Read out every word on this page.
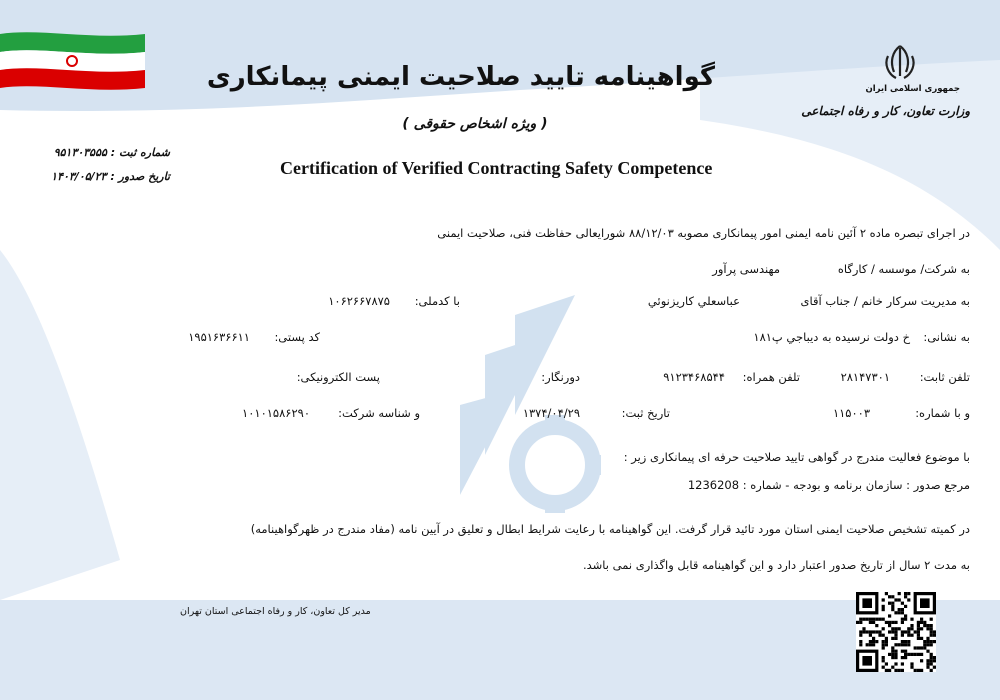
جمهوری اسلامی ایران
وزارت تعاون، کار و رفاه اجتماعی
گواهینامه تایید صلاحیت ایمنی پیمانکاری
( ویژه اشخاص حقوقی )
Certification of Verified Contracting Safety Competence
شماره ثبت : ۹۵۱۳۰۳۵۵۵
تاریخ صدور : ۱۴۰۳/۰۵/۲۳
در اجرای تبصره ماده ۲ آئین نامه ایمنی امور پیمانکاری مصوبه ۸۸/۱۲/۰۳ شورایعالی حفاظت فنی، صلاحیت ایمنی
به شرکت/ موسسه / کارگاه
مهندسی پرآور
به مدیریت سرکار خانم / جناب آقای
عباسعلي كاريزنوئي
با کدملی:
۱۰۶۲۶۶۷۸۷۵
به نشانی:
خ دولت نرسيده به ديباجي پ۱۸۱
کد پستی:
۱۹۵۱۶۳۶۶۱۱
تلفن ثابت:
۲۸۱۴۷۳۰۱
تلفن همراه:
۹۱۲۳۴۶۸۵۴۴
دورنگار:
پست الکترونیکی:
و با شماره:
۱۱۵۰۰۳
تاریخ ثبت:
۱۳۷۴/۰۴/۲۹
و شناسه شرکت:
۱۰۱۰۱۵۸۶۲۹۰
با موضوع فعالیت مندرج در گواهی تایید صلاحیت حرفه ای پیمانکاری زیر :
مرجع صدور : سازمان برنامه و بودجه - شماره : 1236208
در کمیته تشخیص صلاحیت ایمنی استان مورد تائید قرار گرفت. این گواهینامه با رعایت شرایط ابطال و تعلیق در آیین نامه (مفاد مندرج در ظهرگواهینامه)
به مدت ۲ سال از تاریخ صدور اعتبار دارد و این گواهینامه قابل واگذاری نمی باشد.
مدیر کل تعاون، کار و رفاه اجتماعی استان تهران
